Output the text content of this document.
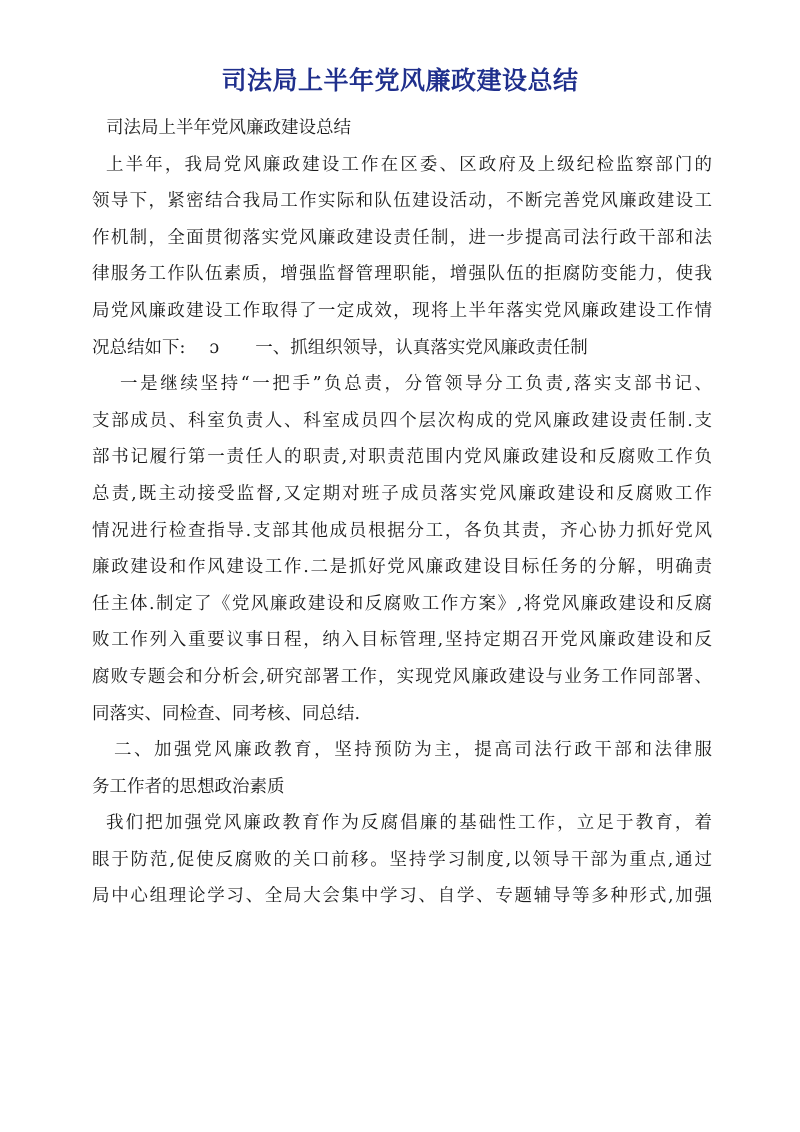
司法局上半年党风廉政建设总结
司法局上半年党风廉政建设总结
上半年，我局党风廉政建设工作在区委、区政府及上级纪检监察部门的
领导下，紧密结合我局工作实际和队伍建设活动，不断完善党风廉政建设工
作机制，全面贯彻落实党风廉政建设责任制，进一步提高司法行政干部和法
律服务工作队伍素质，增强监督管理职能，增强队伍的拒腐防变能力，使我
局党风廉政建设工作取得了一定成效，现将上半年落实党风廉政建设工作情
况总结如下: ɔ 一、抓组织领导，认真落实党风廉政责任制
一是继续坚持“一把手”负总责，分管领导分工负责,落实支部书记、
支部成员、科室负责人、科室成员四个层次构成的党风廉政建设责任制.支
部书记履行第一责任人的职责,对职责范围内党风廉政建设和反腐败工作负
总责,既主动接受监督,又定期对班子成员落实党风廉政建设和反腐败工作
情况进行检查指导.支部其他成员根据分工，各负其责，齐心协力抓好党风
廉政建设和作风建设工作.二是抓好党风廉政建设目标任务的分解，明确责
任主体.制定了《党风廉政建设和反腐败工作方案》,将党风廉政建设和反腐
败工作列入重要议事日程，纳入目标管理,坚持定期召开党风廉政建设和反
腐败专题会和分析会,研究部署工作，实现党风廉政建设与业务工作同部署、
同落实、同检查、同考核、同总结.
二、加强党风廉政教育，坚持预防为主，提高司法行政干部和法律服
务工作者的思想政治素质
我们把加强党风廉政教育作为反腐倡廉的基础性工作，立足于教育，着
眼于防范,促使反腐败的关口前移。坚持学习制度,以领导干部为重点,通过
局中心组理论学习、全局大会集中学习、自学、专题辅导等多种形式,加强
